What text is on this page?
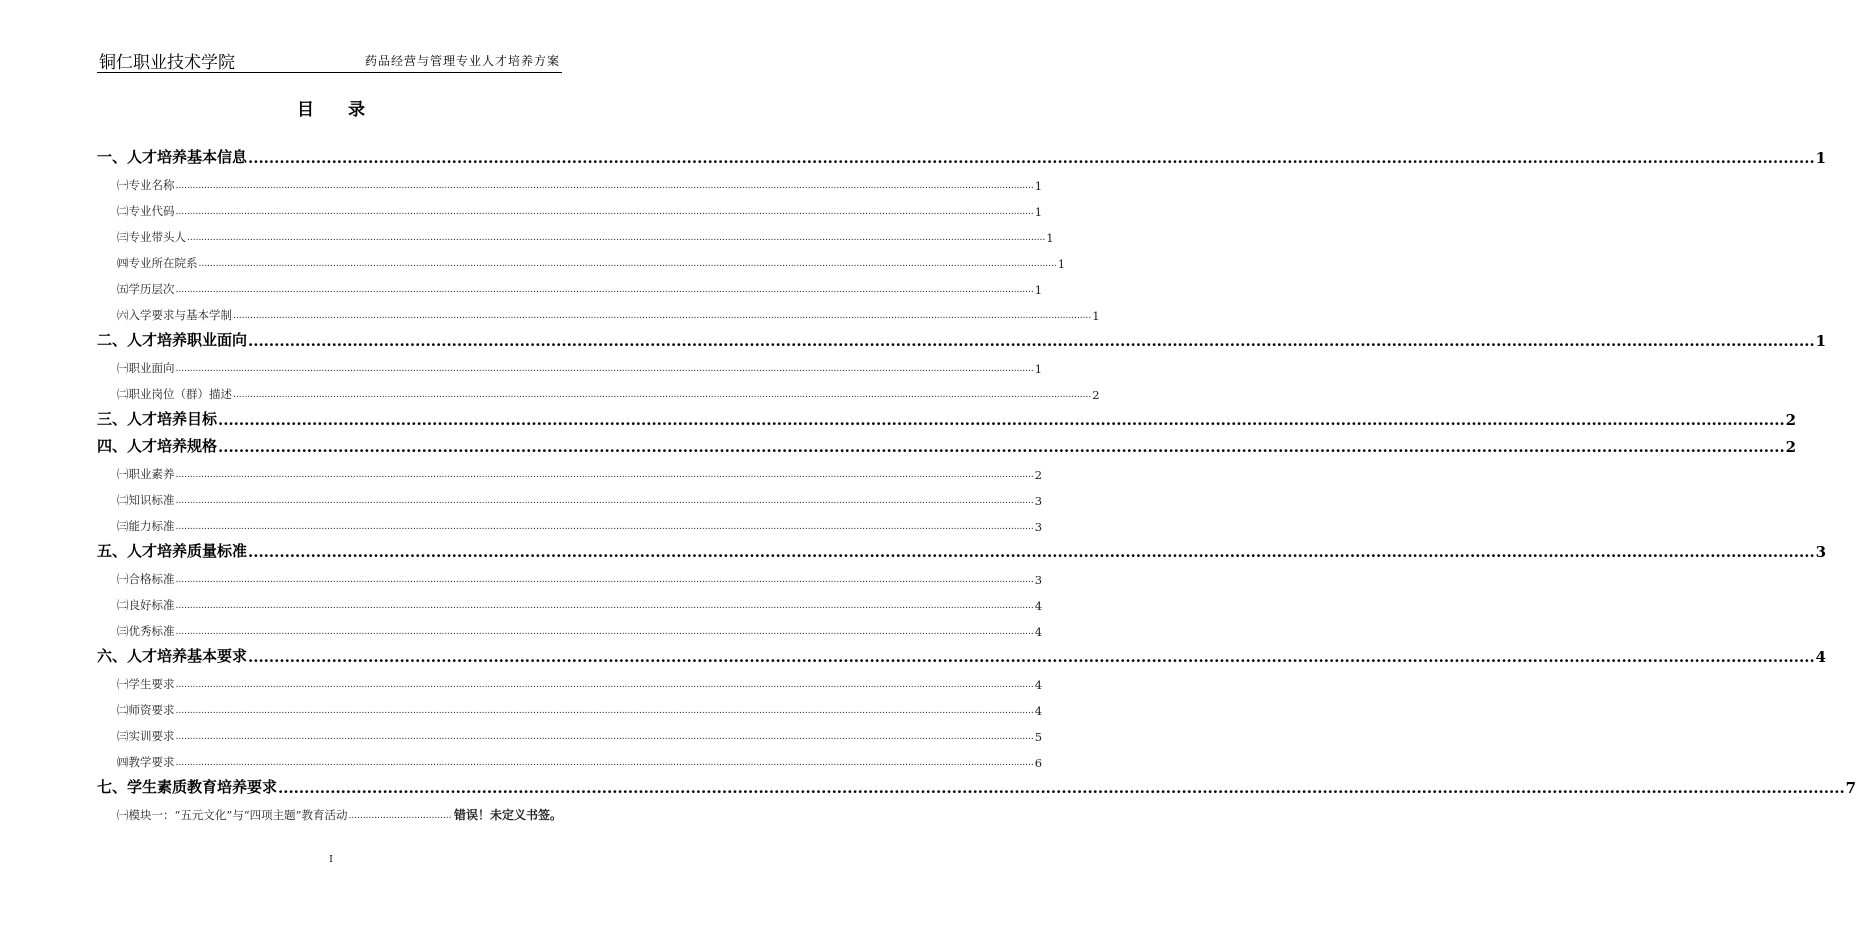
铜仁职业技术学院	药品经营与管理专业人才培养方案
目 录
一、人才培养基本信息 ............................................................................................................................................................................................................................................................................................................ 1
㈠专业名称 ............................................................................................................................................................................................................................................................................................................ 1
㈡专业代码 ............................................................................................................................................................................................................................................................................................................ 1
㈢专业带头人 ............................................................................................................................................................................................................................................................................................................ 1
㈣专业所在院系 ............................................................................................................................................................................................................................................................................................................ 1
㈤学历层次 ............................................................................................................................................................................................................................................................................................................ 1
㈥入学要求与基本学制 ............................................................................................................................................................................................................................................................................................................ 1
二、人才培养职业面向 ............................................................................................................................................................................................................................................................................................................ 1
㈠职业面向 ............................................................................................................................................................................................................................................................................................................ 1
㈡职业岗位（群）描述 ............................................................................................................................................................................................................................................................................................................ 2
三、人才培养目标 ............................................................................................................................................................................................................................................................................................................ 2
四、人才培养规格 ............................................................................................................................................................................................................................................................................................................ 2
㈠职业素养 ............................................................................................................................................................................................................................................................................................................ 2
㈡知识标准 ............................................................................................................................................................................................................................................................................................................ 3
㈢能力标准 ............................................................................................................................................................................................................................................................................................................ 3
五、人才培养质量标准 ............................................................................................................................................................................................................................................................................................................ 3
㈠合格标准 ............................................................................................................................................................................................................................................................................................................ 3
㈡良好标准 ............................................................................................................................................................................................................................................................................................................ 4
㈢优秀标准 ............................................................................................................................................................................................................................................................................................................ 4
六、人才培养基本要求 ............................................................................................................................................................................................................................................................................................................ 4
㈠学生要求 ............................................................................................................................................................................................................................................................................................................ 4
㈡师资要求 ............................................................................................................................................................................................................................................................................................................ 4
㈢实训要求 ............................................................................................................................................................................................................................................................................................................ 5
㈣教学要求 ............................................................................................................................................................................................................................................................................................................ 6
七、学生素质教育培养要求 ............................................................................................................................................................................................................................................................................................................ 7
㈠模块一：“五元文化”与“四项主题”教育活动 .................................... 错误！未定义书签。
I
